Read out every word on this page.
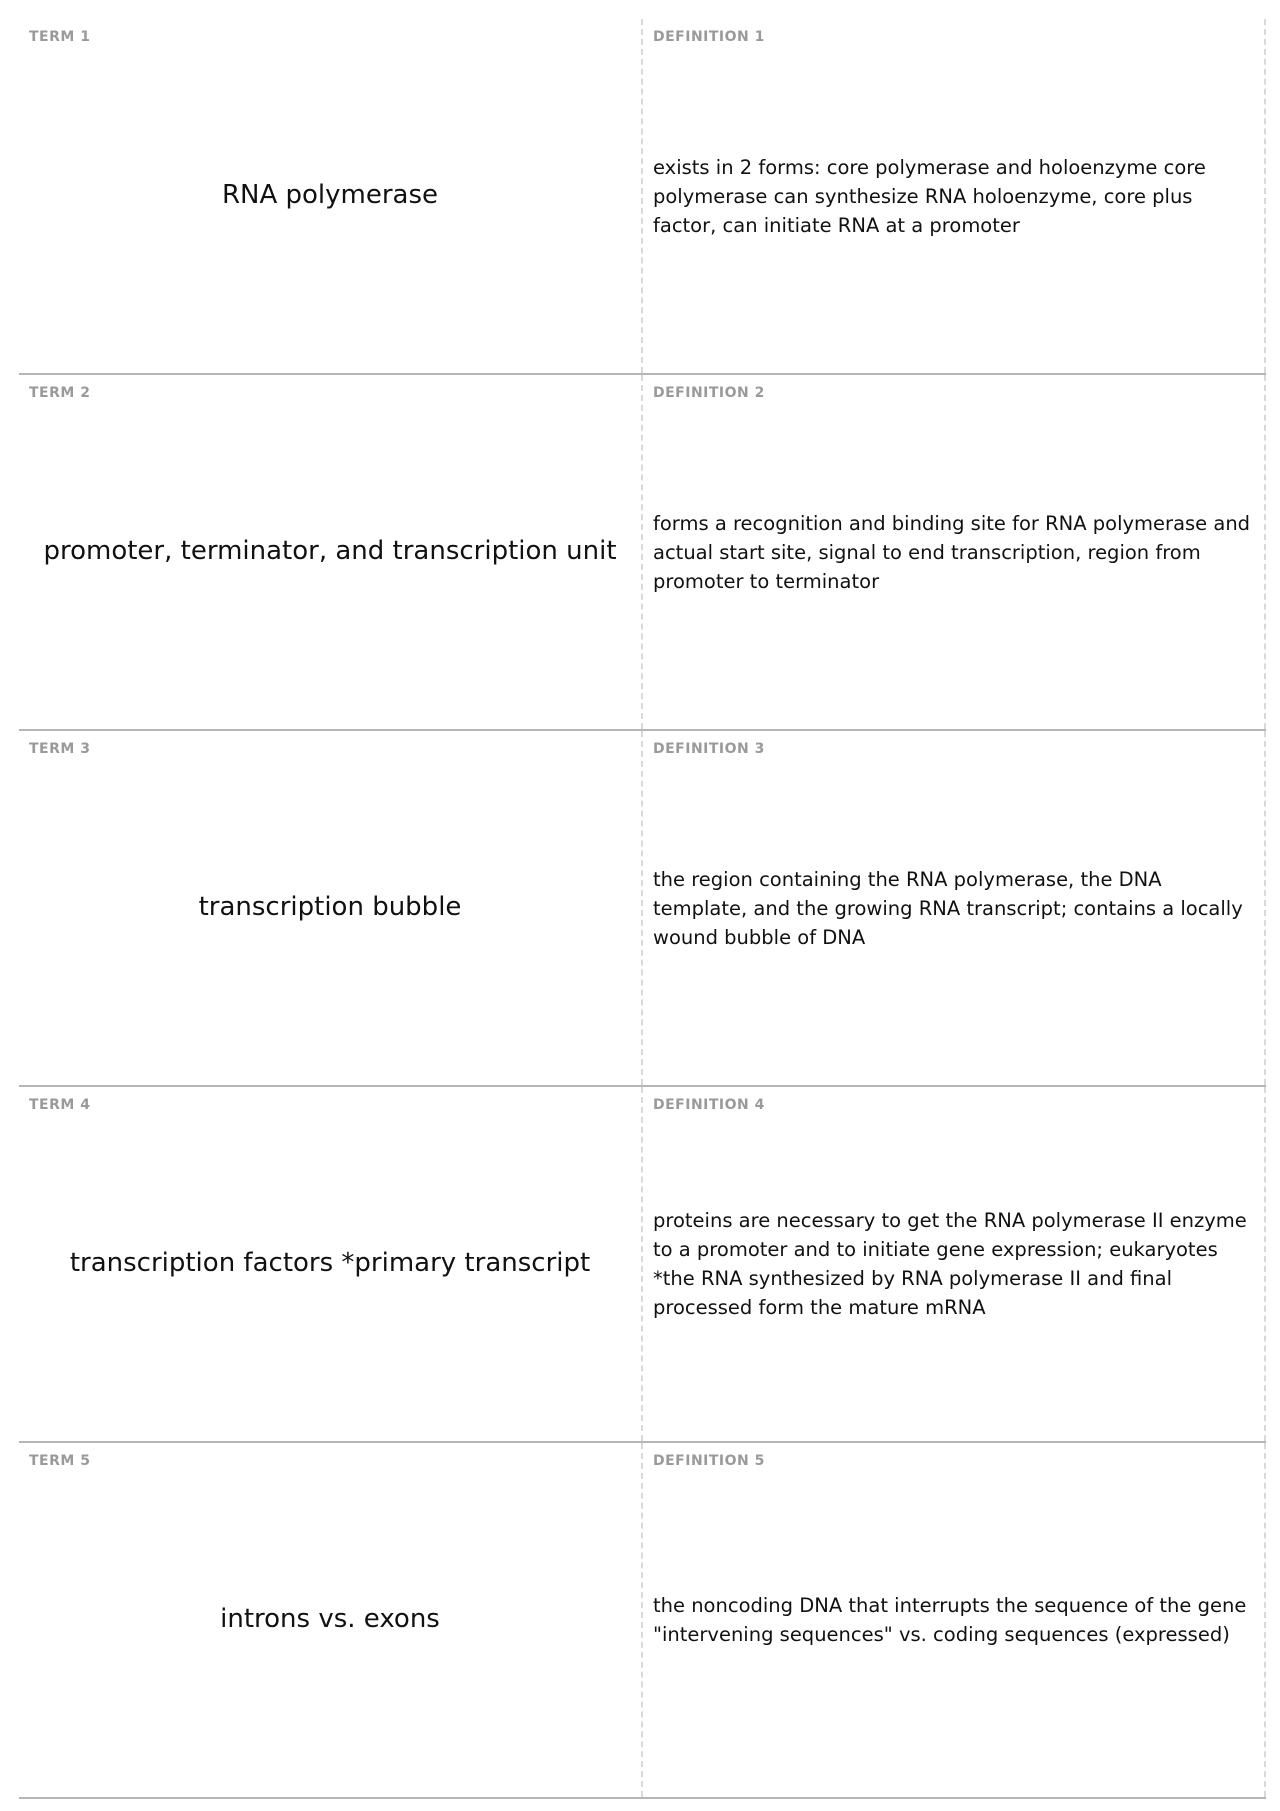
TERM 1
RNA polymerase
DEFINITION 1
exists in 2 forms: core polymerase and holoenzyme core polymerase can synthesize RNA holoenzyme, core plus factor, can initiate RNA at a promoter
TERM 2
promoter, terminator, and transcription unit
DEFINITION 2
forms a recognition and binding site for RNA polymerase and actual start site, signal to end transcription, region from promoter to terminator
TERM 3
transcription bubble
DEFINITION 3
the region containing the RNA polymerase, the DNA template, and the growing RNA transcript; contains a locally wound bubble of DNA
TERM 4
transcription factors *primary transcript
DEFINITION 4
proteins are necessary to get the RNA polymerase II enzyme to a promoter and to initiate gene expression; eukaryotes *the RNA synthesized by RNA polymerase II and final processed form the mature mRNA
TERM 5
introns vs. exons
DEFINITION 5
the noncoding DNA that interrupts the sequence of the gene "intervening sequences" vs. coding sequences (expressed)
